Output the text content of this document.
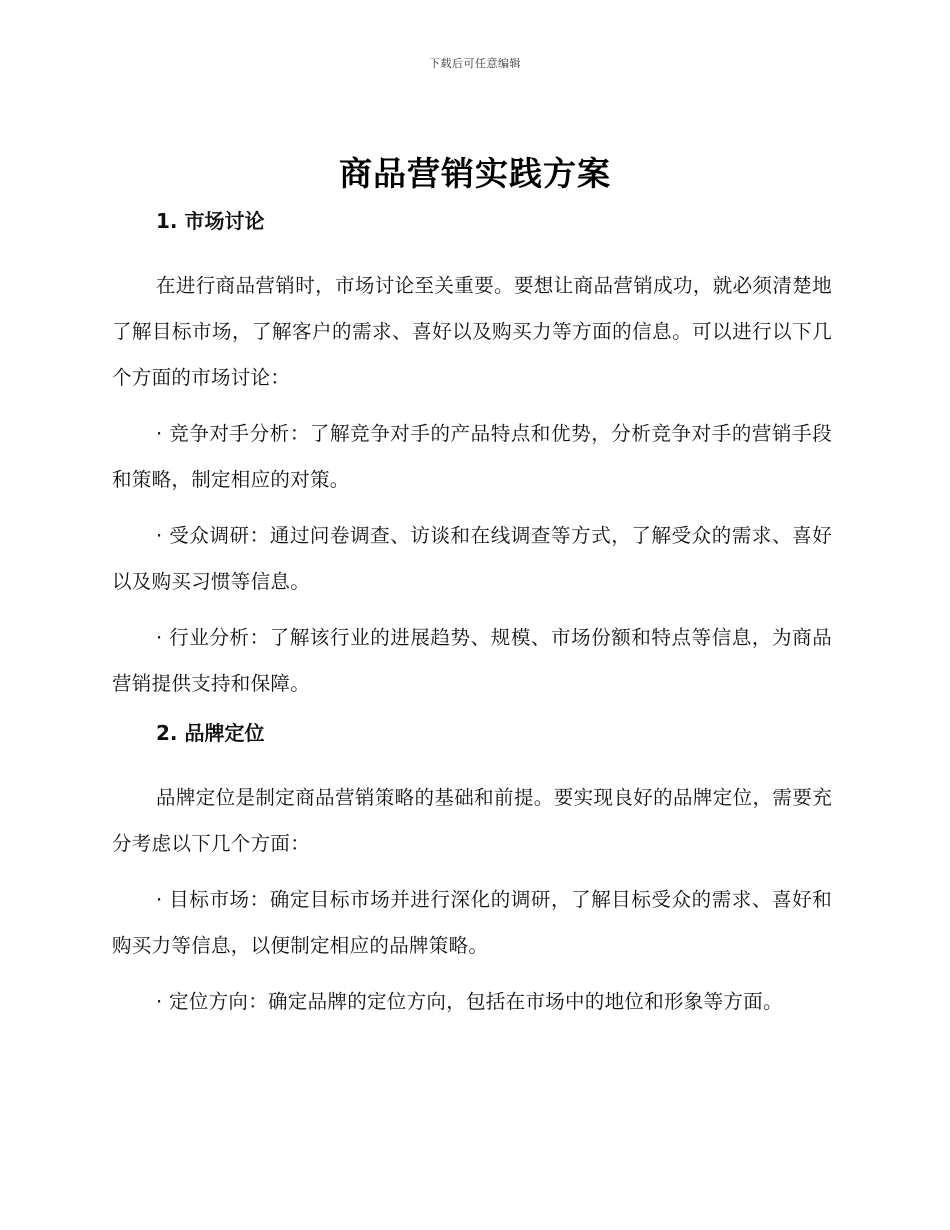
下载后可任意编辑
商品营销实践方案
1. 市场讨论

在进行商品营销时，市场讨论至关重要。要想让商品营销成功，就必须清楚地了解目标市场，了解客户的需求、喜好以及购买力等方面的信息。可以进行以下几个方面的市场讨论：

· 竞争对手分析：了解竞争对手的产品特点和优势，分析竞争对手的营销手段和策略，制定相应的对策。

· 受众调研：通过问卷调查、访谈和在线调查等方式，了解受众的需求、喜好以及购买习惯等信息。

· 行业分析：了解该行业的进展趋势、规模、市场份额和特点等信息，为商品营销提供支持和保障。

2. 品牌定位

品牌定位是制定商品营销策略的基础和前提。要实现良好的品牌定位，需要充分考虑以下几个方面：

· 目标市场：确定目标市场并进行深化的调研，了解目标受众的需求、喜好和购买力等信息，以便制定相应的品牌策略。

· 定位方向：确定品牌的定位方向，包括在市场中的地位和形象等方面。
